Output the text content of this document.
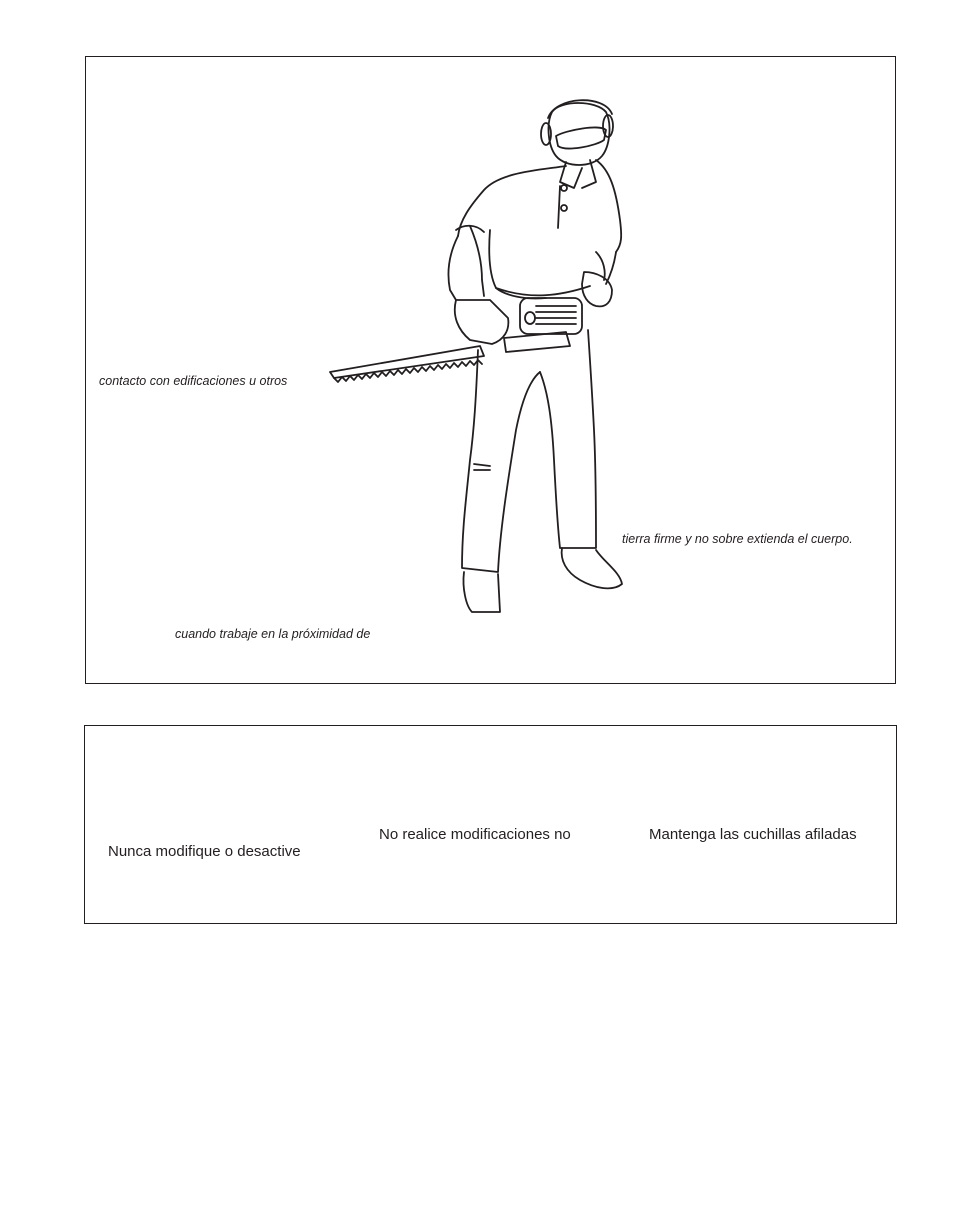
contacto con edificaciones u otros
tierra firme y no sobre extienda el cuerpo.
cuando trabaje en la próximidad de
Nunca modifique o desactive
No realice modificaciones no	Mantenga las cuchillas afiladas
